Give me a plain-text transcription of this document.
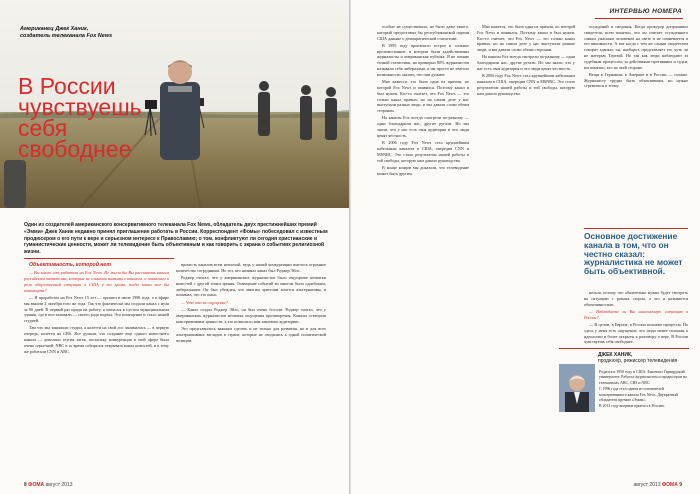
Американец Джек Ханик, создатель телеканала Fox News
В России
чувствуешь
себя
свободнее

Один из создателей американского консервативного телеканала Fox News, обладатель двух престижнейших премий «Эмми» Джек Ханик недавно принял приглашение работать в России. Корреспондент «Фомы» побеседовал с известным продюсером о его пути к вере и серьезном интересе к Православию; о том, конфликтуют ли сегодня христианские и гуманистические ценности, может ли телевидение быть объективным и как говорить с экрана о событиях религиозной жизни.

Объективность, которой нет

— Вы много лет работали на Fox News. Не могли бы Вы рассказать нашим российским читателям, которые не слишком знакомы с каналом, о появлении и роли общественной ситуации в США в то время, когда канал мог бы возникнуть?

— Я проработал на Fox News 15 лет — пришел в июле 1996 года, а в эфире мы вышли 2 октября того же года. Так что фактически мы создали канал с нуля за 90 дней. В первый раз придя на работу, я оказался в пустом муниципальном здании, где в пол заливали — своего рода подвал. Это помещение и стало нашей студией.

Там что мы занимали студии, а колетти на свой лос занимались — в первую очередь, колетти на CBS. Все думали, что создание еще одного новостного канала — довольно глупая затея, поскольку конкуренция в этой сфере была очень серьезной: NBC в то время собирался открывать канал новостей, и к тому же работали CNN и ABC.

прочесть каналов всем неплохой, ведь у нашей конкуренции имелось огромное количество сотрудников. Но тот, кто начинал канал был Роджер Эйлс.

Роджер считал, что у американских журналистов было ощущение нехватки новостей с другой точки зрения. Освещение событий во многом было однобоким, либеральным. Он был убежден, что многим зрителям хочется альтернативы, и понимал, что это шанс.

— Что это за ощущение?

— Канал создал Роджер Эйлс, он был очень боссом. Роджер считал, что у американских журналистов нехватка ощущения противоречия. Каналы освещали консервативные ценности, а это позволило нам завоевать аудиторию.

Это представилось важным сделать и не только для развития, но и для всех альтернативных взглядов в стране, которые не сводились к одной политической позиции.

8 ФОМА август 2013
ИНТЕРВЬЮ НОМЕРА

особые не существовало, не было даже такого, который предоставил бы республиканской партии США данные о демократической статистике.

В 1995 году произошло острое и сильное противостояние, в котором были задействованы журналисты и американская публика. Я не помню точной статистики, но примерно 80% журналистов называли себя либералами, и им просто не хватало возможности сказать, что они думают.

Мне кажется, это была одна из причин, по которой Fox News и появился. Поэтому канал и был нужен. Кто-то считает, что Fox News — это только канал правых, но на самом деле у нас выступали разные люди, и мы давали слово обеим сторонам.

На каналы Fox всегда смотрели по-разному — одни благодарили нас, другие ругали. Но мы знали, что у нас есть своя аудитория и что люди ценят честность.

В 2006 году Fox News стал крупнейшим кабельным каналом в США, опередив CNN и MSNBC. Это стало результатом нашей работы и той свободы, которую нам давало руководство.

В конце концов мы доказали, что телевидение может быть другим.

Мне кажется, это была одна из причин, по которой Fox News и появился. Поэтому канал и был нужен. Кто-то считает, что Fox News — это только канал правых, но на самом деле у нас выступали разные люди, и мы давали слово обеим сторонам.

На каналы Fox всегда смотрели по-разному — одни благодарили нас, другие ругали. Но мы знали, что у нас есть своя аудитория и что люди ценят честность.

В 2006 году Fox News стал крупнейшим кабельным каналом в США, опередив CNN и MSNBC. Это стало результатом нашей работы и той свободы, которую нам давало руководство.

осуждений и сведения. Когда прокурор допрашивал свидетеля, всем понятно, что он считает осужденного самым ужасным человеком на свете и не сомневается в его виновности. А вот когда с тем же самым свидетелем говорит адвокат, он, наоборот, представляет его чуть ли не матерью Терезой. Но так как люди наблюдают за судебным процессом, за действиями противника и судьи, им понятно, кто на чьей стороне.

Вещи в Германии, в Америке и в России — схожие. Журналисту трудно быть объективным, но нужно стремиться к этому.

Основное достижение канала в том, что он честно сказал: журналистика не может быть объективной.

нельзя, потому что обязательно нужно будет смотреть на ситуацию с разных сторон, а это и называется объективностью.

— Наблюдаете ли Вы аналогичную ситуацию в России?

— В целом, в Европе, в России похожие процессы. Но здесь у меня есть ощущение, что люди менее склонны к идеологии и более открыты к разговору о вере. В России чувствуешь себя свободнее.

ДЖЕК ХАНИК,
продюсер, режиссер телевидения

Родился в 1950 году в США. Закончил Гарвардский университет. Работал журналистом и продюсером на телеканалах ABC, CBS и NBC.

С 1996 года стал одним из основателей консервативного канала Fox News. Двукратный обладатель премии «Эмми».

В 2013 году впервые приехал в Россию.

август 2013 ФОМА 9
